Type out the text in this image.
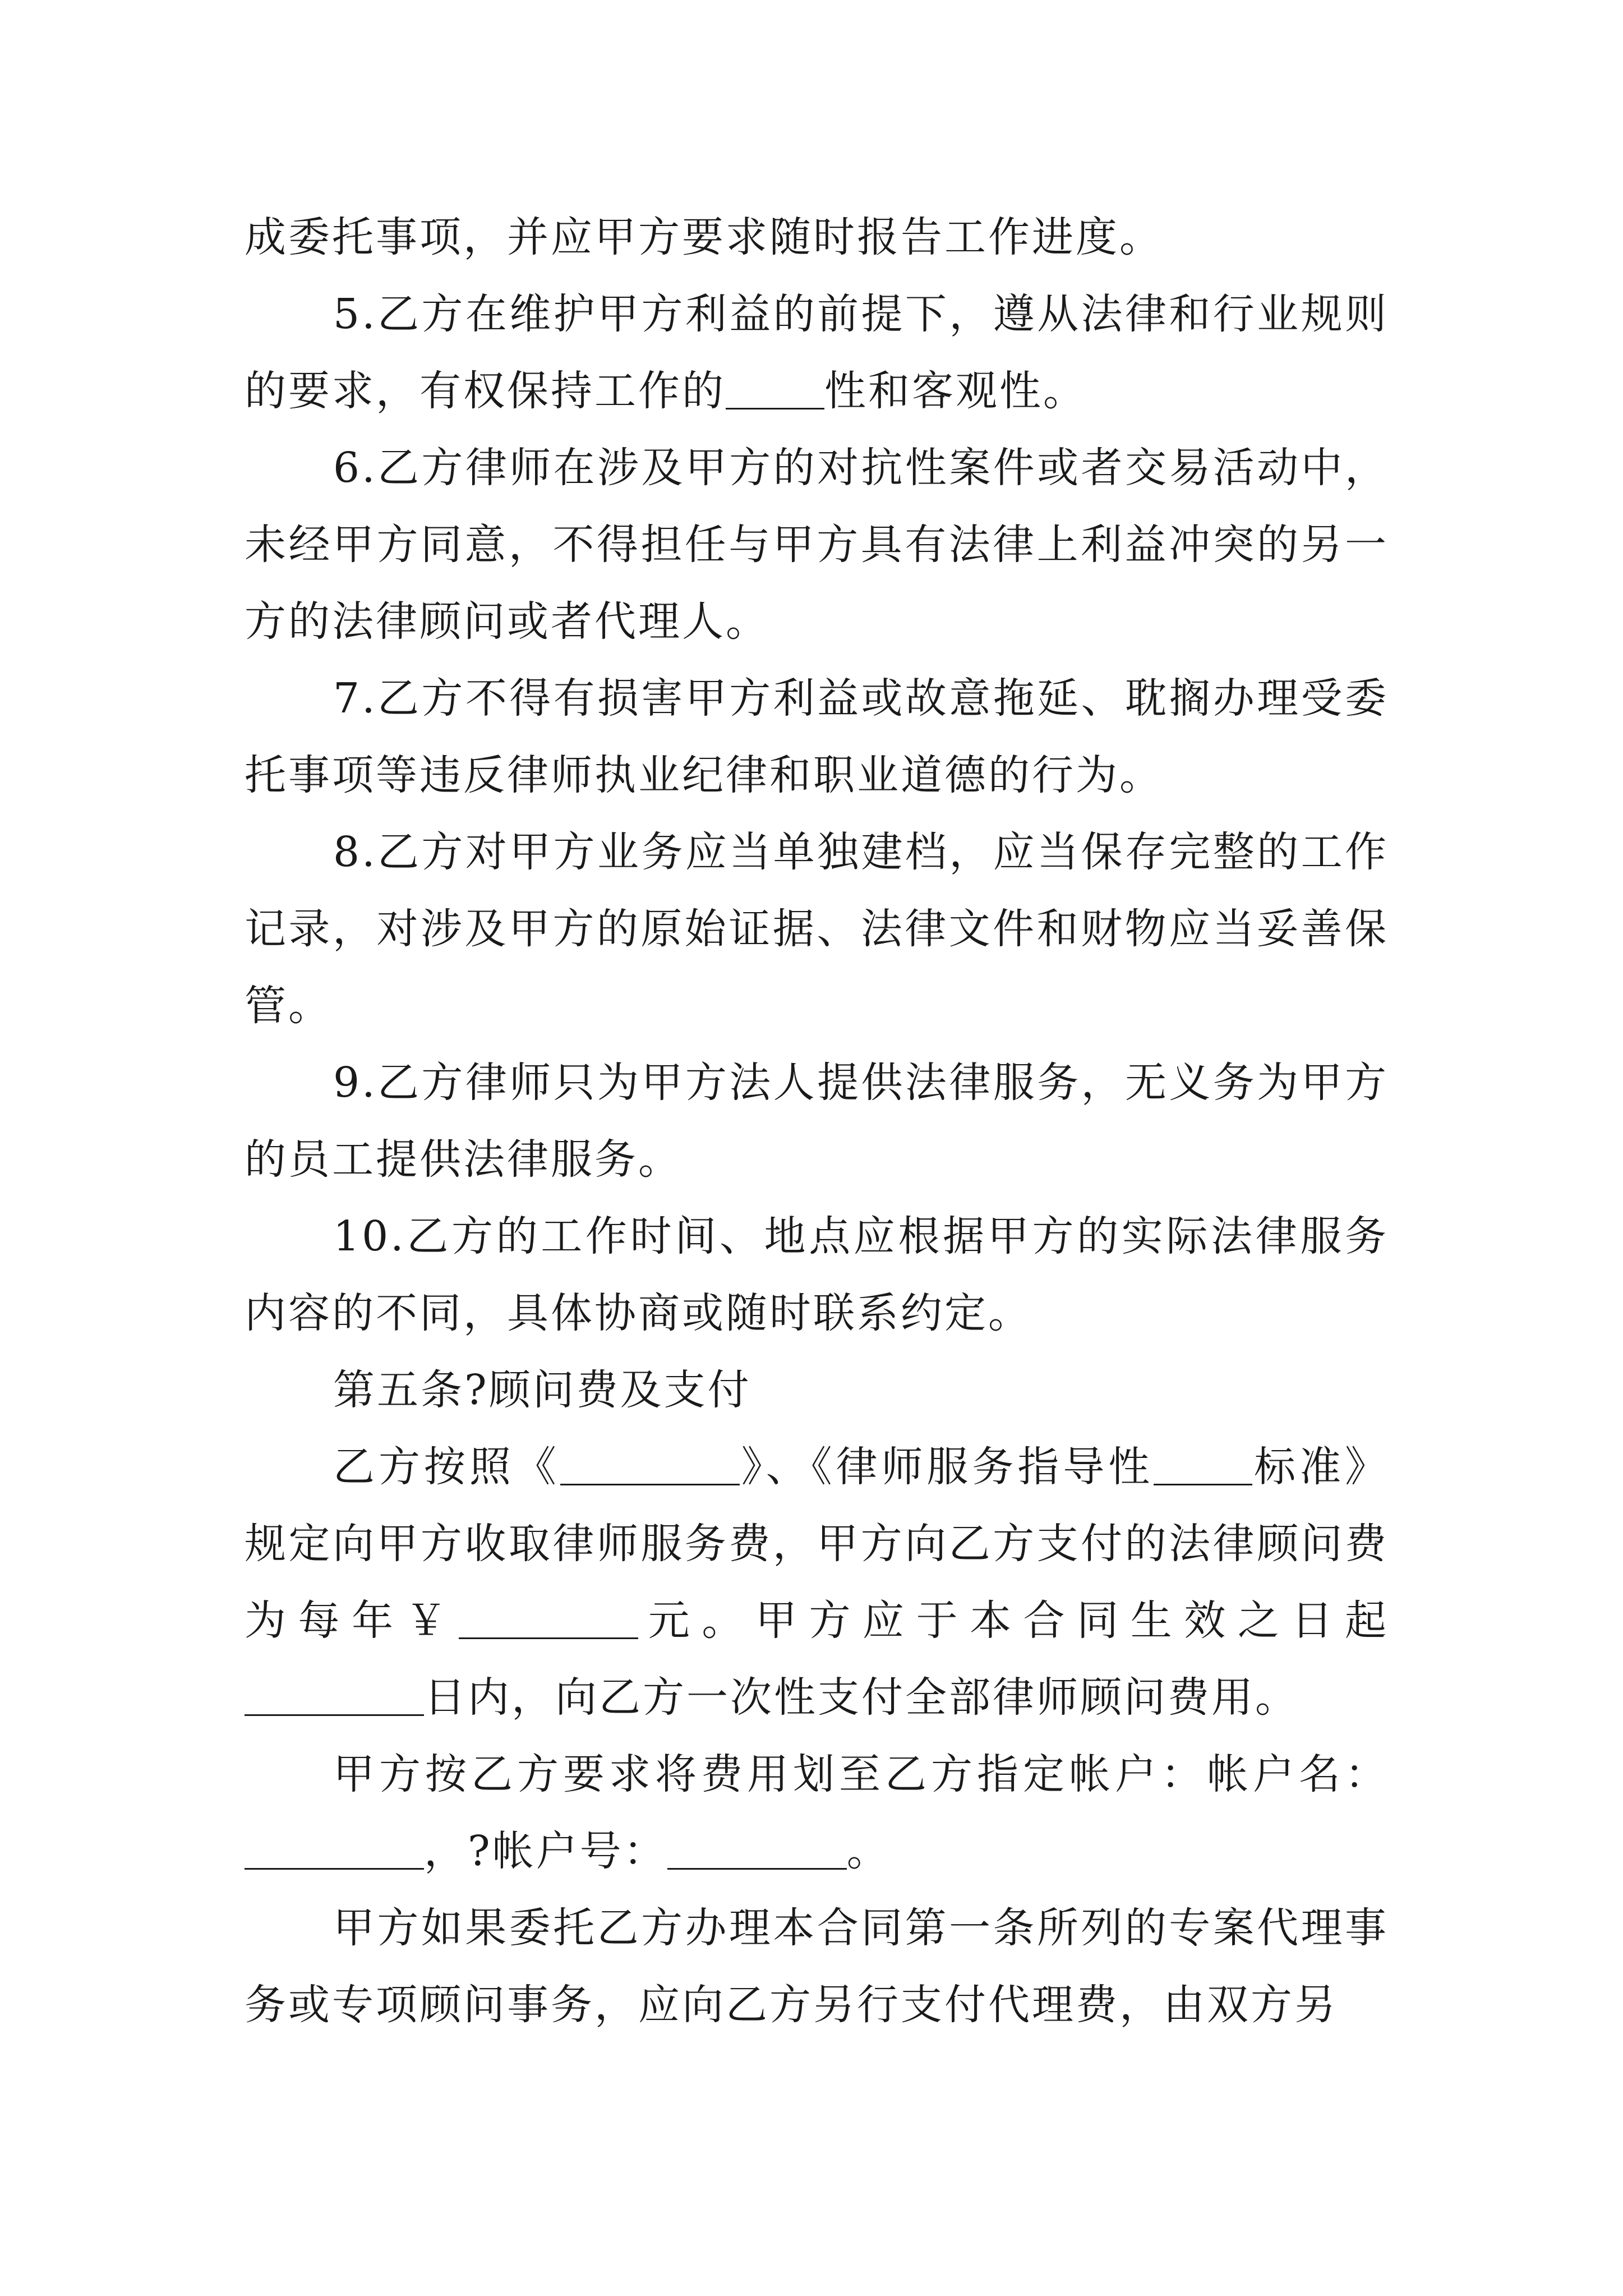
成委托事项，并应甲方要求随时报告工作进度。

5.乙方在维护甲方利益的前提下，遵从法律和行业规则的要求，有权保持工作的 性和客观性。

6.乙方律师在涉及甲方的对抗性案件或者交易活动中，未经甲方同意，不得担任与甲方具有法律上利益冲突的另一方的法律顾问或者代理人。

7.乙方不得有损害甲方利益或故意拖延、耽搁办理受委托事项等违反律师执业纪律和职业道德的行为。

8.乙方对甲方业务应当单独建档，应当保存完整的工作记录，对涉及甲方的原始证据、法律文件和财物应当妥善保管。

9.乙方律师只为甲方法人提供法律服务，无义务为甲方的员工提供法律服务。

10.乙方的工作时间、地点应根据甲方的实际法律服务内容的不同，具体协商或随时联系约定。

第五条?顾问费及支付

乙方按照《	》、《律师服务指导性 标准》规定向甲方收取律师服务费，甲方向乙方支付的法律顾问费为每年￥	元。甲方应于本合同生效之日起日内，向乙方一次性支付全部律师顾问费用。

甲方按乙方要求将费用划至乙方指定帐户：帐户名：，?帐户号：	。

甲方如果委托乙方办理本合同第一条所列的专案代理事务或专项顾问事务，应向乙方另行支付代理费，由双方另
